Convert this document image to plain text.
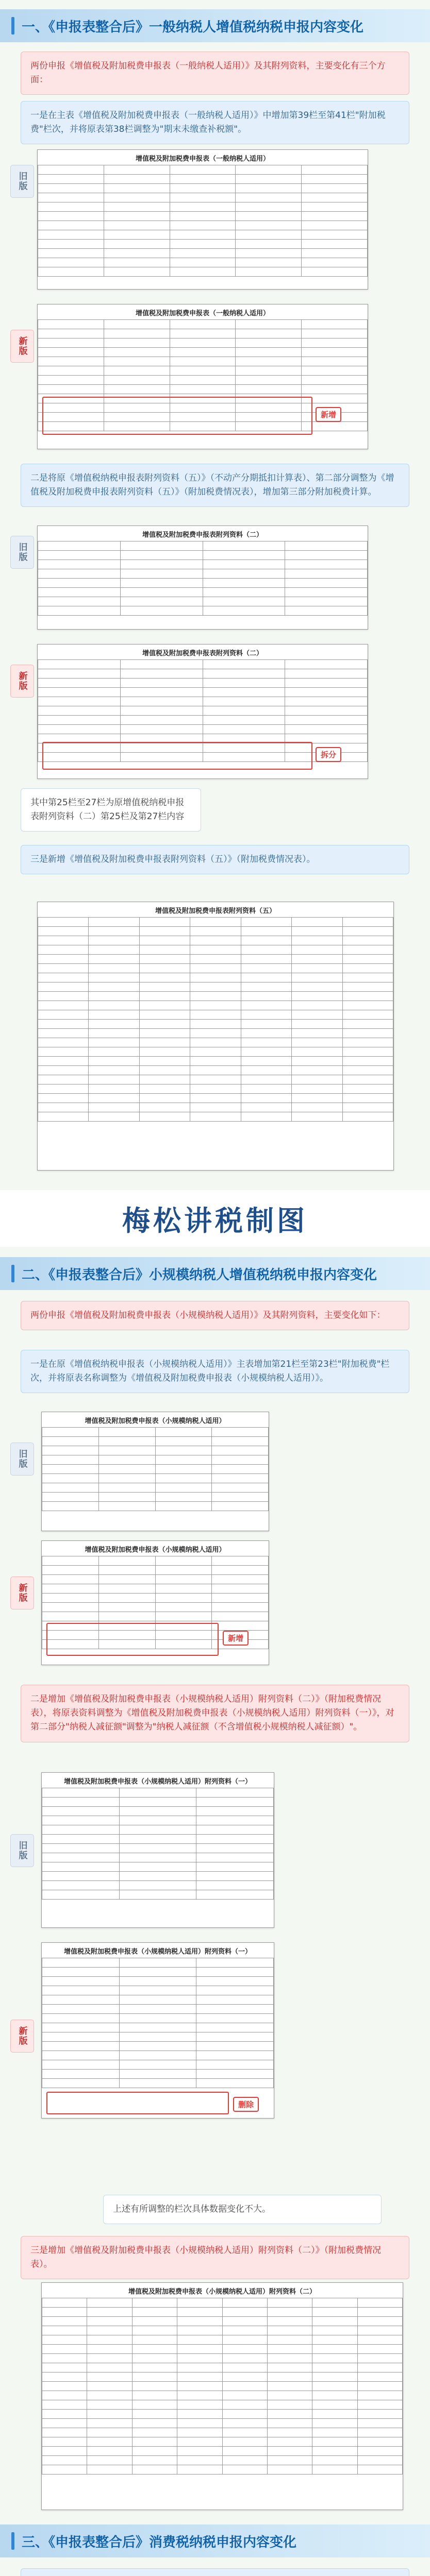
一、《申报表整合后》一般纳税人增值税纳税申报内容变化
两份申报《增值税及附加税费申报表（一般纳税人适用）》及其附列资料，主要变化有三个方面：
一是在主表《增值税及附加税费申报表（一般纳税人适用）》中增加第39栏至第41栏"附加税费"栏次，并将原表第38栏调整为"期末未缴查补税额"。
旧版
增值税及附加税费申报表（一般纳税人适用）

新版
增值税及附加税费申报表（一般纳税人适用）

新增
二是将原《增值税纳税申报表附列资料（五）》（不动产分期抵扣计算表）、第二部分调整为《增值税及附加税费申报表附列资料（五）》（附加税费情况表），增加第三部分附加税费计算。
旧版
增值税及附加税费申报表附列资料（二）

新版
增值税及附加税费申报表附列资料（二）

拆分
其中第25栏至27栏为原增值税纳税申报表附列资料（二）第25栏及第27栏内容
三是新增《增值税及附加税费申报表附列资料（五）》（附加税费情况表）。
增值税及附加税费申报表附列资料（五）

梅松讲税制图
二、《申报表整合后》小规模纳税人增值税纳税申报内容变化
两份申报《增值税及附加税费申报表（小规模纳税人适用）》及其附列资料，主要变化如下：
一是在原《增值税纳税申报表（小规模纳税人适用）》主表增加第21栏至第23栏"附加税费"栏次，并将原表名称调整为《增值税及附加税费申报表（小规模纳税人适用）》。
旧版
增值税及附加税费申报表（小规模纳税人适用）

新版
增值税及附加税费申报表（小规模纳税人适用）

新增
二是增加《增值税及附加税费申报表（小规模纳税人适用）附列资料（二）》（附加税费情况表），将原表资料调整为《增值税及附加税费申报表（小规模纳税人适用）附列资料（一）》，对第二部分"纳税人减征额"调整为"纳税人减征额（不含增值税小规模纳税人减征额）"。
旧版
增值税及附加税费申报表（小规模纳税人适用）附列资料（一）

新版
增值税及附加税费申报表（小规模纳税人适用）附列资料（一）

删除
上述有所调整的栏次具体数据变化不大。
三是增加《增值税及附加税费申报表（小规模纳税人适用）附列资料（二）》（附加税费情况表）。
增值税及附加税费申报表（小规模纳税人适用）附列资料（二）

三、《申报表整合后》消费税纳税申报内容变化
